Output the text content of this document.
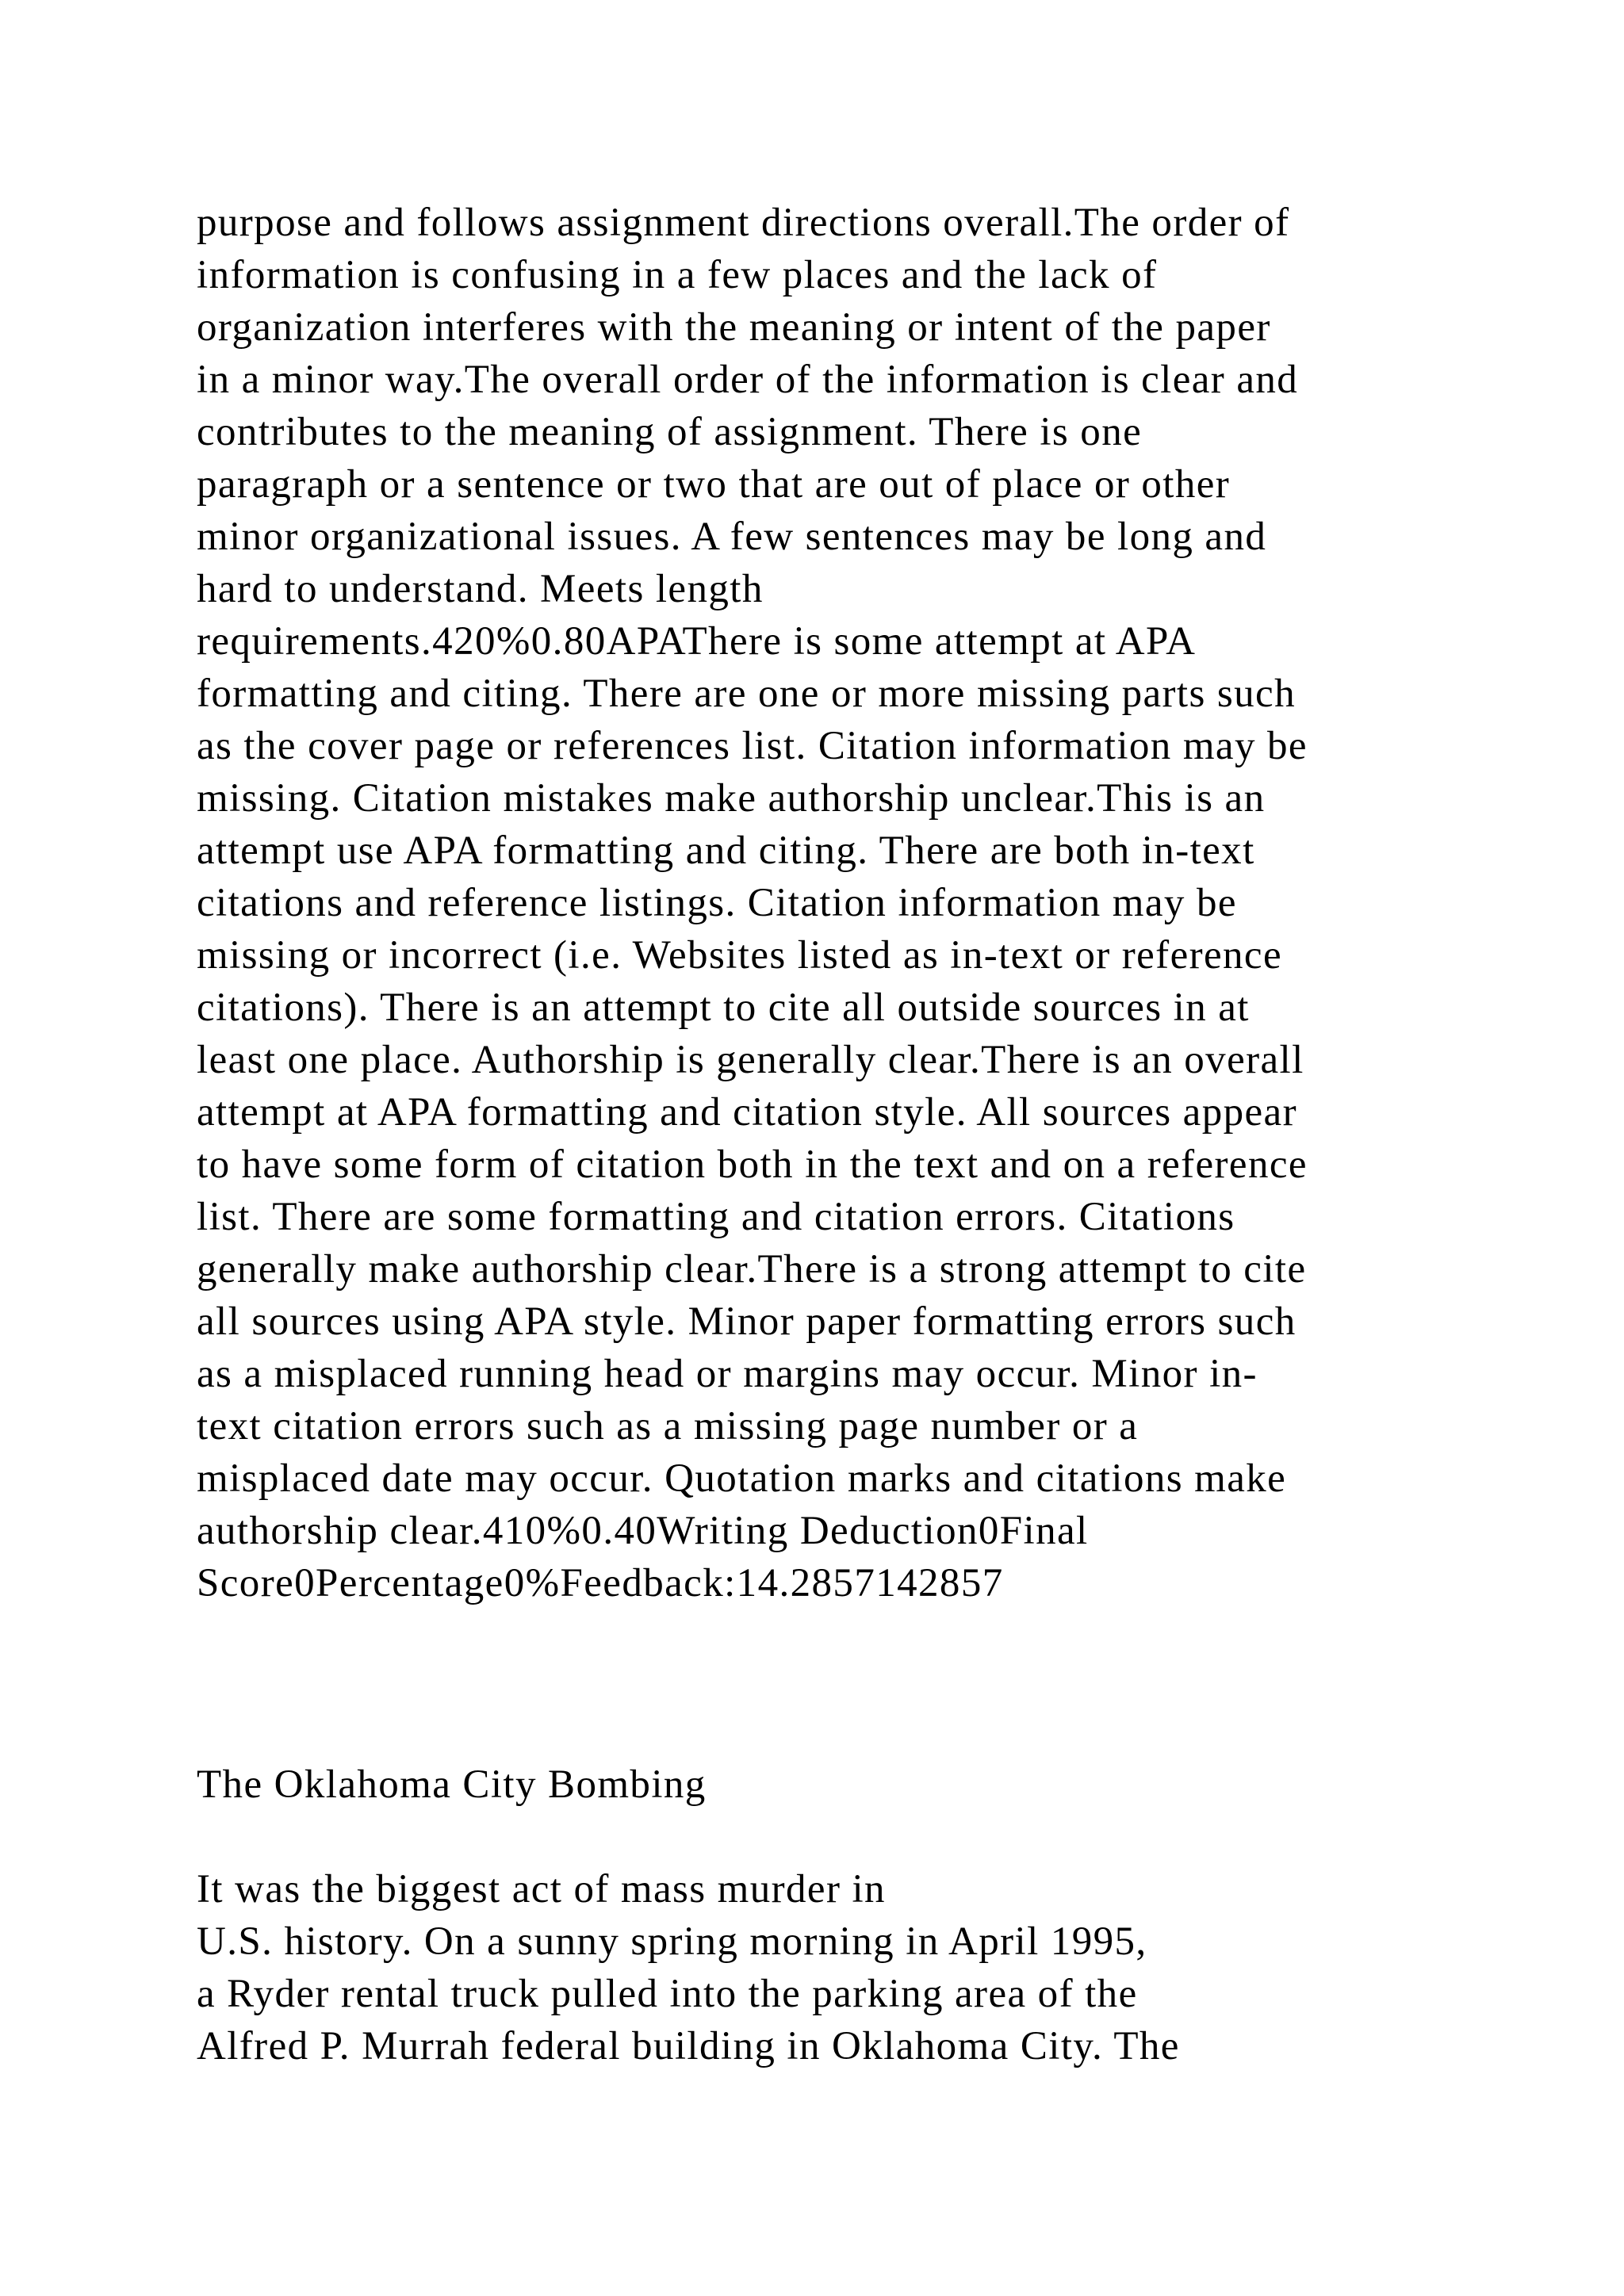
purpose and follows assignment directions overall.The order of
information is confusing in a few places and the lack of
organization interferes with the meaning or intent of the paper
in a minor way.The overall order of the information is clear and
contributes to the meaning of assignment. There is one
paragraph or a sentence or two that are out of place or other
minor organizational issues. A few sentences may be long and
hard to understand. Meets length
requirements.420%0.80APAThere is some attempt at APA
formatting and citing. There are one or more missing parts such
as the cover page or references list. Citation information may be
missing. Citation mistakes make authorship unclear.This is an
attempt use APA formatting and citing. There are both in-text
citations and reference listings. Citation information may be
missing or incorrect (i.e. Websites listed as in-text or reference
citations). There is an attempt to cite all outside sources in at
least one place. Authorship is generally clear.There is an overall
attempt at APA formatting and citation style. All sources appear
to have some form of citation both in the text and on a reference
list. There are some formatting and citation errors. Citations
generally make authorship clear.There is a strong attempt to cite
all sources using APA style. Minor paper formatting errors such
as a misplaced running head or margins may occur. Minor in-
text citation errors such as a missing page number or a
misplaced date may occur. Quotation marks and citations make
authorship clear.410%0.40Writing Deduction0Final
Score0Percentage0%Feedback:14.2857142857
The Oklahoma City Bombing
It was the biggest act of mass murder in
U.S. history. On a sunny spring morning in April 1995,
a Ryder rental truck pulled into the parking area of the
Alfred P. Murrah federal building in Oklahoma City. The
